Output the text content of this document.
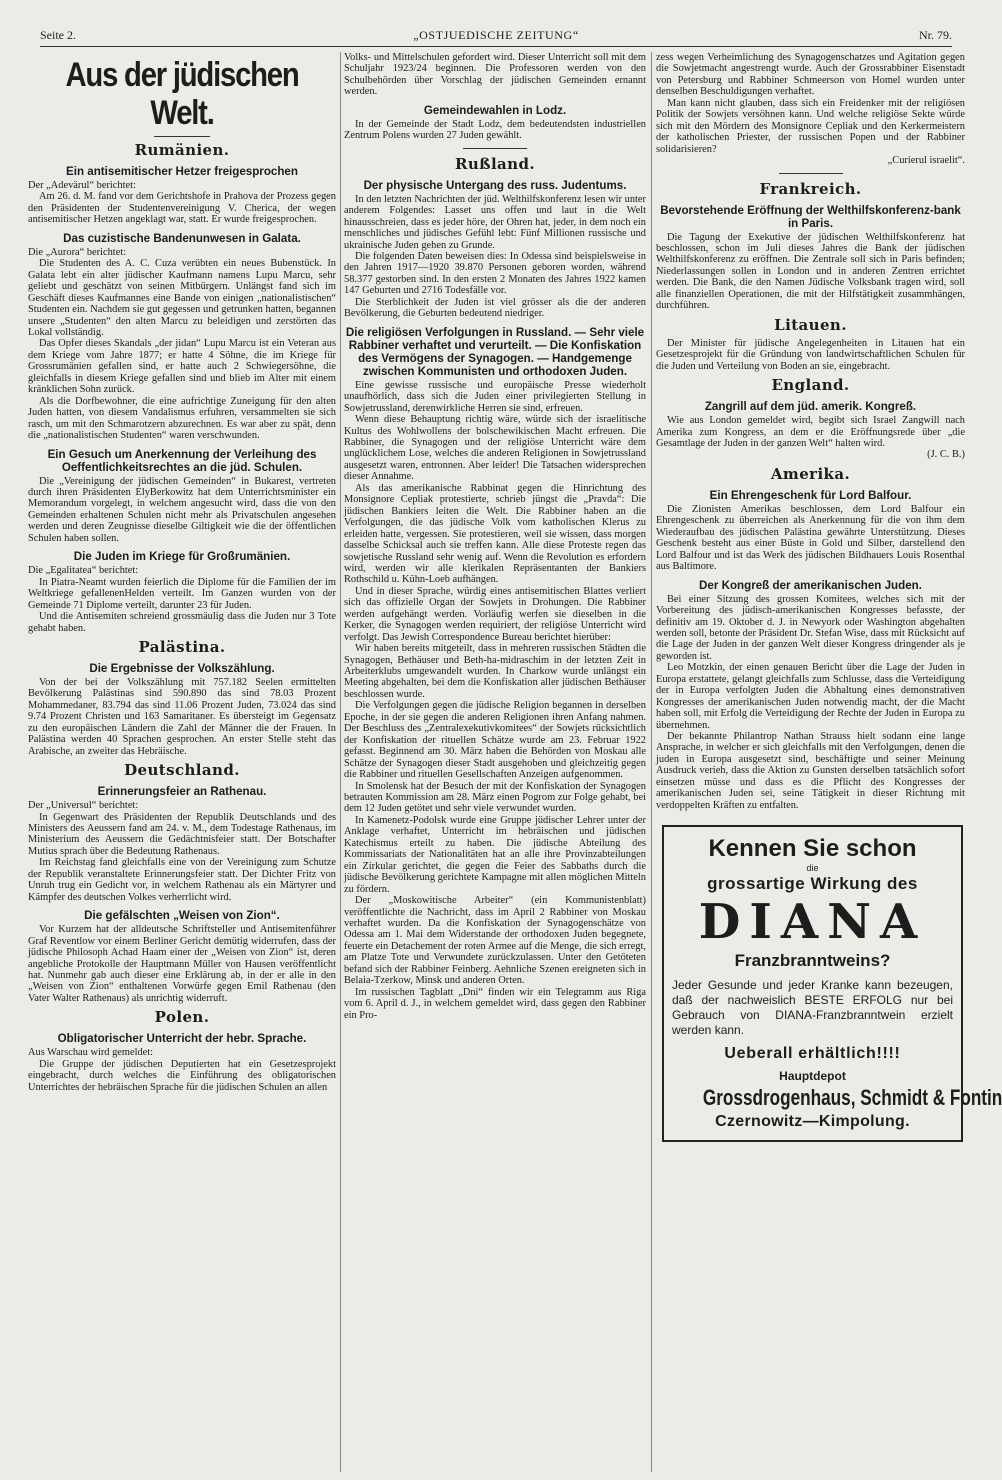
Seite 2.	„OSTJUEDISCHE ZEITUNG“	Nr. 79.
Aus der jüdischen Welt.
Rumänien.
Ein antisemitischer Hetzer freigesprochen

Der „Adevärul“ berichtet:

Am 26. d. M. fand vor dem Gerichtshofe in Prahova der Prozess gegen den Präsidenten der Studentenvereinigung V. Cherica, der wegen antisemitischer Hetzen angeklagt war, statt. Er wurde freigesprochen.

Das cuzistische Bandenunwesen in Galata.

Die „Aurora“ berichtet:

Die Studenten des A. C. Cuza verübten ein neues Bubenstück. In Galata lebt ein alter jüdischer Kaufmann namens Lupu Marcu, sehr geliebt und geschätzt von seinen Mitbürgern. Unlängst fand sich im Geschäft dieses Kaufmannes eine Bande von einigen „nationalistischen“ Studenten ein. Nachdem sie gut gegessen und getrunken hatten, begannen unsere „Studenten“ den alten Marcu zu beleidigen und zerstörten das Lokal vollständig.

Das Opfer dieses Skandals „der jidan“ Lupu Marcu ist ein Veteran aus dem Kriege vom Jahre 1877; er hatte 4 Söhne, die im Kriege für Grossrumänien gefallen sind, er hatte auch 2 Schwiegersöhne, die gleichfalls in diesem Kriege gefallen sind und blieb im Alter mit einem kränklichen Sohn zurück.

Als die Dorfbewohner, die eine aufrichtige Zuneigung für den alten Juden hatten, von diesem Vandalismus erfuhren, versammelten sie sich rasch, um mit den Schmarotzern abzurechnen. Es war aber zu spät, denn die „nationalistischen Studenten“ waren verschwunden.

Ein Gesuch um Anerkennung der Verleihung des Oeffentlichkeitsrechtes an die jüd. Schulen.

Die „Vereinigung der jüdischen Gemeinden“ in Bukarest, vertreten durch ihren Präsidenten ElyBerkowitz hat dem Unterrichtsminister ein Memorandum vorgelegt, in welchem angesucht wird, dass die von den Gemeinden erhaltenen Schulen nicht mehr als Privatschulen angesehen werden und deren Zeugnisse dieselbe Giltigkeit wie die der öffentlichen Schulen haben sollen.

Die Juden im Kriege für Großrumänien.

Die „Egalitatea“ berichtet:

In Piatra-Neamt wurden feierlich die Diplome für die Familien der im Weltkriege gefallenenHelden verteilt. Im Ganzen wurden von der Gemeinde 71 Diplome verteilt, darunter 23 für Juden.

Und die Antisemiten schreiend grossmäulig dass die Juden nur 3 Tote gehabt haben.

Palästina.
Die Ergebnisse der Volkszählung.

Von der bei der Volkszählung mit 757.182 Seelen ermittelten Bevölkerung Palästinas sind 590.890 das sind 78.03 Prozent Mohammedaner, 83.794 das sind 11.06 Prozent Juden, 73.024 das sind 9.74 Prozent Christen und 163 Samaritaner. Es übersteigt im Gegensatz zu den europäischen Ländern die Zahl der Männer die der Frauen. In Palästina werden 40 Sprachen gesprochen. An erster Stelle steht das Arabische, an zweiter das Hebräische.

Deutschland.
Erinnerungsfeier an Rathenau.

Der „Universul“ berichtet:

In Gegenwart des Präsidenten der Republik Deutschlands und des Ministers des Aeussern fand am 24. v. M., dem Todestage Rathenaus, im Ministerium des Aeussern die Gedächtnisfeier statt. Der Botschafter Mutius sprach über die Bedeutung Rathenaus.

Im Reichstag fand gleichfalls eine von der Vereinigung zum Schutze der Republik veranstaltete Erinnerungsfeier statt. Der Dichter Fritz von Unruh trug ein Gedicht vor, in welchem Rathenau als ein Märtyrer und Kämpfer des deutschen Volkes verherrlicht wird.

Die gefälschten „Weisen von Zion“.

Vor Kurzem hat der alldeutsche Schriftsteller und Antisemitenführer Graf Reventlow vor einem Berliner Gericht demütig widerrufen, dass der jüdische Philosoph Achad Haam einer der „Weisen von Zion“ ist, deren angebliche Protokolle der Hauptmann Müller von Hausen veröffentlicht hat. Nunmehr gab auch dieser eine Erklärung ab, in der er alle in den „Weisen von Zion“ enthaltenen Vorwürfe gegen Emil Rathenau (den Vater Walter Rathenaus) als unrichtig widerruft.

Polen.
Obligatorischer Unterricht der hebr. Sprache.

Aus Warschau wird gemeldet:

Die Gruppe der jüdischen Deputierten hat ein Gesetzesprojekt eingebracht, durch welches die Einführung des obligatorischen Unterrichtes der hebräischen Sprache für die jüdischen Schulen an allen

Volks- und Mittelschulen gefordert wird. Dieser Unterricht soll mit dem Schuljahr 1923/24 beginnen. Die Professoren werden von den Schulbehörden über Vorschlag der jüdischen Gemeinden ernannt werden.

Gemeindewahlen in Lodz.

In der Gemeinde der Stadt Lodz, dem bedeutendsten industriellen Zentrum Polens wurden 27 Juden gewählt.

Rußland.
Der physische Untergang des russ. Judentums.

In den letzten Nachrichten der jüd. Welthilfskonferenz lesen wir unter anderem Folgendes: Lasset uns offen und laut in die Welt hinausschreien, dass es jeder höre, der Ohren hat, jeder, in dem noch ein menschliches und jüdisches Gefühl lebt: Fünf Millionen russische und ukrainische Juden gehen zu Grunde.

Die folgenden Daten beweisen dies: In Odessa sind beispielsweise in den Jahren 1917—1920 39.870 Personen geboren worden, während 58.377 gestorben sind. In den ersten 2 Monaten des Jahres 1922 kamen 147 Geburten und 2716 Todesfälle vor.

Die Sterblichkeit der Juden ist viel grösser als die der anderen Bevölkerung, die Geburten bedeutend niedriger.

Die religiösen Verfolgungen in Russland. — Sehr viele Rabbiner verhaftet und verurteilt. — Die Konfiskation des Vermögens der Synagogen. — Handgemenge zwischen Kommunisten und orthodoxen Juden.

Eine gewisse russische und europäische Presse wiederholt unaufhörlich, dass sich die Juden einer privilegierten Stellung in Sowjetrussland, derenwirkliche Herren sie sind, erfreuen.

Wenn diese Behauptung richtig wäre, würde sich der israelitische Kultus des Wohlwollens der bolschewikischen Macht erfreuen. Die Rabbiner, die Synagogen und der religiöse Unterricht wäre dem unglücklichem Lose, welches die anderen Religionen in Sowjetrussland ausgesetzt waren, entronnen. Aber leider! Die Tatsachen widersprechen dieser Annahme.

Als das amerikanische Rabbinat gegen die Hinrichtung des Monsignore Cepliak protestierte, schrieb jüngst die „Pravda“: Die jüdischen Bankiers leiten die Welt. Die Rabbiner haben an die Verfolgungen, die das jüdische Volk vom katholischen Klerus zu erleiden hatte, vergessen. Sie protestieren, weil sie wissen, dass morgen dasselbe Schicksal auch sie treffen kann. Alle diese Proteste regen das sowjetische Russland sehr wenig auf. Wenn die Revolution es erfordern wird, werden wir alle klerikalen Repräsentanten der Bankiers Rothschild u. Kühn-Loeb aufhängen.

Und in dieser Sprache, würdig eines antisemitischen Blattes verliert sich das offizielle Organ der Sowjets in Drohungen. Die Rabbiner werden aufgehängt werden. Vorläufig werfen sie dieselben in die Kerker, die Synagogen werden requiriert, der religiöse Unterricht wird verfolgt. Das Jewish Correspondence Bureau berichtet hierüber:

Wir haben bereits mitgeteilt, dass in mehreren russischen Städten die Synagogen, Bethäuser und Beth-ha-midraschim in der letzten Zeit in Arbeiterklubs umgewandelt wurden. In Charkow wurde unlängst ein Meeting abgehalten, bei dem die Konfiskation aller jüdischen Bethäuser beschlossen wurde.

Die Verfolgungen gegen die jüdische Religion begannen in derselben Epoche, in der sie gegen die anderen Religionen ihren Anfang nahmen. Der Beschluss des „Zentralexekutivkomitees“ der Sowjets rücksichtlich der Konfiskation der rituellen Schätze wurde am 23. Februar 1922 gefasst. Beginnend am 30. März haben die Behörden von Moskau alle Schätze der Synagogen dieser Stadt ausgehoben und gleichzeitig gegen die Rabbiner und rituellen Gesellschaften Anzeigen aufgenommen.

In Smolensk hat der Besuch der mit der Konfiskation der Synagogen betrauten Kommission am 28. März einen Pogrom zur Folge gehabt, bei dem 12 Juden getötet und sehr viele verwundet wurden.

In Kamenetz-Podolsk wurde eine Gruppe jüdischer Lehrer unter der Anklage verhaftet, Unterricht im hebräischen und jüdischen Katechismus erteilt zu haben. Die jüdische Abteilung des Kommissariats der Nationalitäten hat an alle ihre Provinzabteilungen ein Zirkular gerichtet, die gegen die Feier des Sabbaths durch die jüdische Bevölkerung gerichtete Kampagne mit allen möglichen Mitteln zu fördern.

Der „Moskowitische Arbeiter“ (ein Kommunistenblatt) veröffentlichte die Nachricht, dass im April 2 Rabbiner von Moskau verhaftet wurden. Da die Konfiskation der Synagogenschätze von Odessa am 1. Mai dem Widerstande der orthodoxen Juden begegnete, feuerte ein Detachement der roten Armee auf die Menge, die sich erregt, am Platze Tote und Verwundete zurückzulassen. Unter den Getöteten befand sich der Rabbiner Feinberg. Aehnliche Szenen ereigneten sich in Belaia-Tzerkow, Minsk und anderen Orten.

Im russischen Tagblatt „Dni“ finden wir ein Telegramm aus Riga vom 6. April d. J., in welchem gemeldet wird, dass gegen den Rabbiner ein Pro-

zess wegen Verheimlichung des Synagogenschatzes und Agitation gegen die Sowjetmacht angestrengt wurde. Auch der Grossrabbiner Eisenstadt von Petersburg und Rabbiner Schmeerson von Homel wurden unter denselben Beschuldigungen verhaftet.

Man kann nicht glauben, dass sich ein Freidenker mit der religiösen Politik der Sowjets versöhnen kann. Und welche religiöse Sekte würde sich mit den Mördern des Monsignore Cepliak und den Kerkermeistern der katholischen Priester, der russischen Popen und der Rabbiner solidarisieren?

„Curierul israelit“.

Frankreich.
Bevorstehende Eröffnung der Welthilfskonferenz-bank in Paris.

Die Tagung der Exekutive der jüdischen Welthilfskonferenz hat beschlossen, schon im Juli dieses Jahres die Bank der jüdischen Welthilfskonferenz zu eröffnen. Die Zentrale soll sich in Paris befinden; Niederlassungen sollen in London und in anderen Zentren errichtet werden. Die Bank, die den Namen Jüdische Volksbank tragen wird, soll alle finanziellen Operationen, die mit der Hilfstätigkeit zusammhängen, durchführen.

Litauen.

Der Minister für jüdische Angelegenheiten in Litauen hat ein Gesetzesprojekt für die Gründung von landwirtschaftlichen Schulen für die Juden und Verteilung von Boden an sie, eingebracht.

England.
Zangrill auf dem jüd. amerik. Kongreß.

Wie aus London gemeldet wird, begibt sich Israel Zangwill nach Amerika zum Kongress, an dem er die Eröffnungsrede über „die Gesamtlage der Juden in der ganzen Welt“ halten wird.

(J. C. B.)

Amerika.
Ein Ehrengeschenk für Lord Balfour.

Die Zionisten Amerikas beschlossen, dem Lord Balfour ein Ehrengeschenk zu überreichen als Anerkennung für die von ihm dem Wiederaufbau des jüdischen Palästina gewährte Unterstützung. Dieses Geschenk besteht aus einer Büste in Gold und Silber, darstellend den Lord Balfour und ist das Werk des jüdischen Bildhauers Louis Rosenthal aus Baltimore.

Der Kongreß der amerikanischen Juden.

Bei einer Sitzung des grossen Komitees, welches sich mit der Vorbereitung des jüdisch-amerikanischen Kongresses befasste, der definitiv am 19. Oktober d. J. in Newyork oder Washington abgehalten werden soll, betonte der Präsident Dr. Stefan Wise, dass mit Rücksicht auf die Lage der Juden in der ganzen Welt dieser Kongress dringender als je geworden ist.

Leo Motzkin, der einen genauen Bericht über die Lage der Juden in Europa erstattete, gelangt gleichfalls zum Schlusse, dass die Verteidigung der in Europa verfolgten Juden die Abhaltung eines demonstrativen Kongresses der amerikanischen Juden notwendig macht, der die Macht haben soll, mit Erfolg die Verteidigung der Rechte der Juden in Europa zu übernehmen.

Der bekannte Philantrop Nathan Strauss hielt sodann eine lange Ansprache, in welcher er sich gleichfalls mit den Verfolgungen, denen die juden in Europa ausgesetzt sind, beschäftigte und seiner Meinung Ausdruck verieh, dass die Aktion zu Gunsten derselben tatsächlich sofort einsetzen müsse und dass es die Pflicht des Kongresses der amerikanischen Juden sei, seine Tätigkeit in dieser Richtung mit verdoppelten Kräften zu entfalten.

Kennen Sie schon
die
grossartige Wirkung des
DIANA
Franzbranntweins?
Jeder Gesunde und jeder Kranke kann bezeugen, daß der nachweislich BESTE ERFOLG nur bei Gebrauch von DIANA-Franzbranntwein erzielt werden kann.
Ueberall erhältlich!!!!
Hauptdepot
Grossdrogenhaus, Schmidt & Fontin
Czernowitz—Kimpolung.
